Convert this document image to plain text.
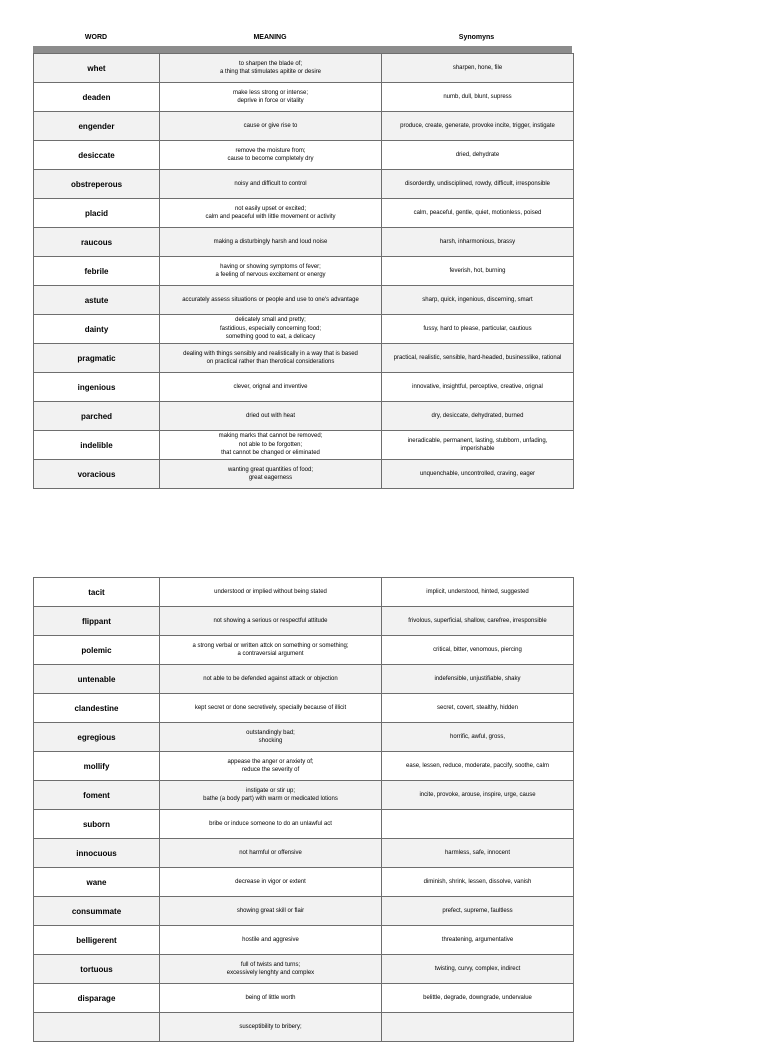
WORD	MEANING	Synomyns
whet	to sharpen the blade of;
a thing that stimulates apitite or desire	sharpen, hone, file

deaden	make less strong or intense;
deprive in force or vitality	numb, dull, blunt, supress

engender	cause or give rise to	produce, create, generate, provoke incite, trigger, instigate

desiccate	remove the moisture from;
cause to become completely dry	dried, dehydrate

obstreperous	noisy and difficult to control	disorderdly, undisciplined, rowdy, difficult, irresponsible

placid	not easily upset or excited;
calm and peaceful with little movement or activity	calm, peaceful, gentle, quiet, motionless, poised

raucous	making a disturbingly harsh and loud noise	harsh, inharmonious, brassy

febrile	having or showing symptoms of fever;
a feeling of nervous excitement or energy	feverish, hot, burning

astute	accurately assess situations or people and use to one's advantage	sharp, quick, ingenious, discerning, smart

dainty	delicately small and pretty;
fastidious, especially concerning food;
something good to eat, a delicacy	fussy, hard to please, particular, cautious

pragmatic	dealing with things sensibly and realistically in a way that is based
on practical rather than therotical considerations	practical, realistic, sensible, hard-headed, businesslike, rational

ingenious	clever, orignal and inventive	innovative, insightful, perceptive, creative, orignal

parched	dried out with heat	dry, desiccate, dehydrated, burned

indelible	making marks that cannot be removed;
not able to be forgotten;
that cannot be changed or eliminated	ineradicable, permanent, lasting, stubborn, unfading,
imperishable

voracious	wanting great quantities of food;
great eagerness	unquenchable, uncontrolled, craving, eager
tacit	understood or implied without being stated	implicit, understood, hinted, suggested

flippant	not showing a serious or respectful attitude	frivolous, superficial, shallow, carefree, irresponsible

polemic	a strong verbal or written attck on something or something;
a contraversial argument	critical, bitter, venomous, piercing

untenable	not able to be defended against attack or objection	indefensible, unjustifiable, shaky

clandestine	kept secret or done secretively, specially because of illicit	secret, covert, stealthy, hidden

egregious	outstandingly bad;
shocking	horrific, awful, gross,

mollify	appease the anger or anxiety of;
reduce the severity of	ease, lessen, reduce, moderate, paccify, soothe, calm

foment	instigate or stir up;
bathe (a body part) with warm or medicated lotions	incite, provoke, arouse, inspire, urge, cause

suborn	bribe or induce someone to do an unlawful act	

innocuous	not harmful or offensive	harmless, safe, innocent

wane	decrease in vigor or extent	diminish, shrink, lessen, dissolve, vanish

consummate	showing great skill or flair	prefect, supreme, faultless

belligerent	hostile and aggresive	threatening, argumentative

tortuous	full of twists and turns;
excessively lenghty and complex	twisting, curvy, complex, indirect

disparage	being of little worth	belittle, degrade, downgrade, undervalue

	susceptibility to bribery;	
